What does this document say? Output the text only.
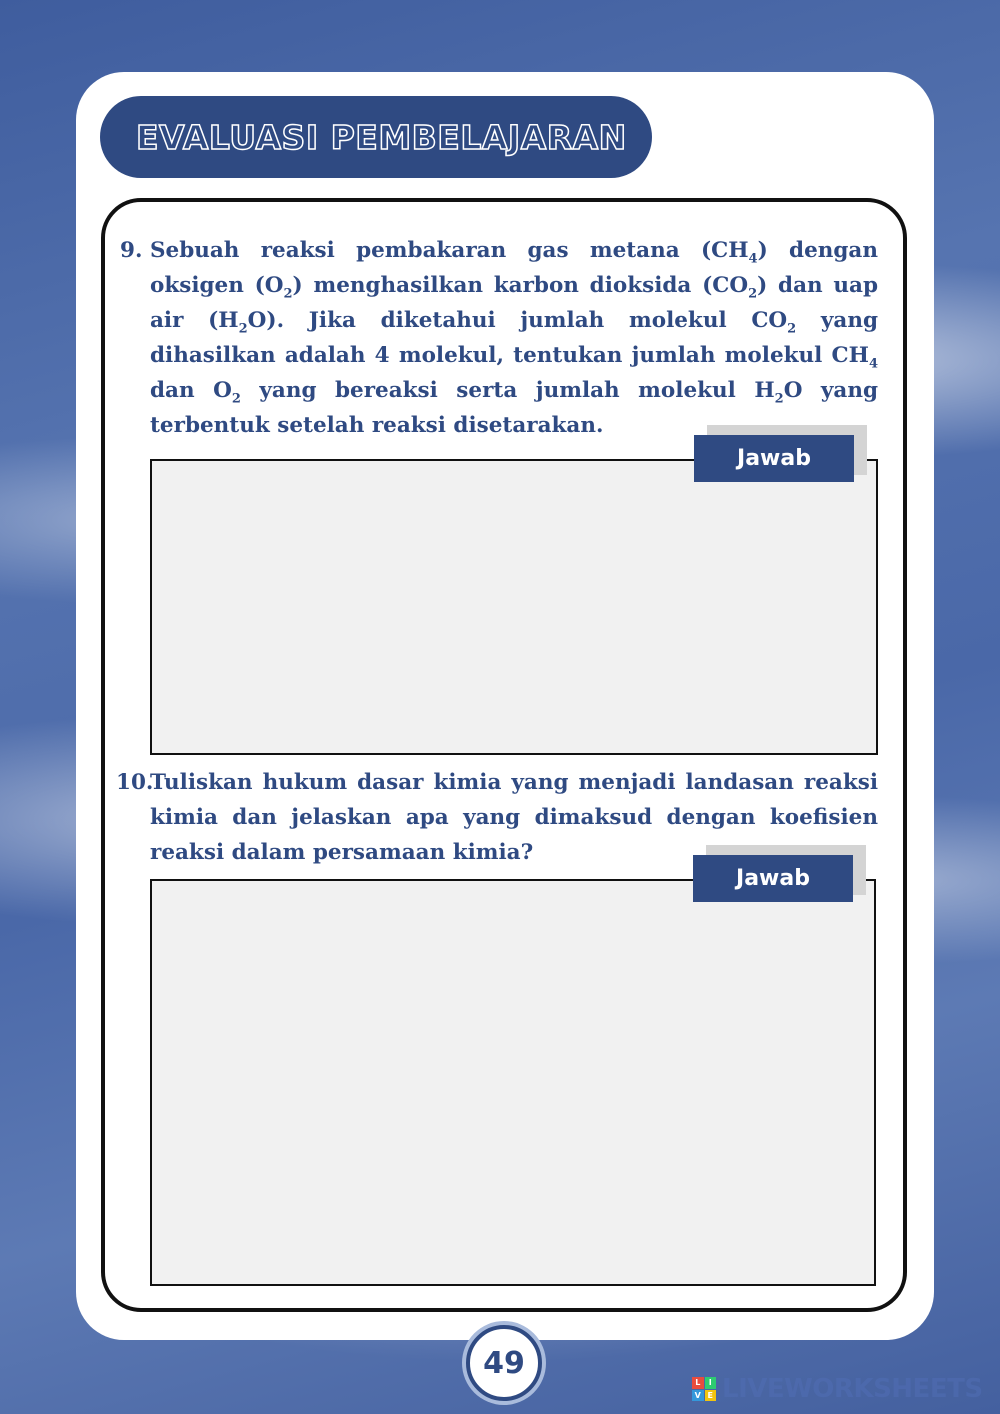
EVALUASI PEMBELAJARAN
9. Sebuah reaksi pembakaran gas metana $(CH_4)$ dengan oksigen $(O_2)$ menghasilkan karbon dioksida $(CO_2)$ dan uap air $(H_2O)$. Jika diketahui jumlah molekul $CO_2$ yang dihasilkan adalah 4 molekul, tentukan jumlah molekul $CH_4$ dan $O_2$ yang bereaksi serta jumlah molekul $H_2O$ yang terbentuk setelah reaksi disetarakan.
Jawab
10.
Tuliskan hukum dasar kimia yang menjadi landasan reaksi kimia dan jelaskan apa yang dimaksud dengan koefisien reaksi dalam persamaan kimia?
Jawab
49
L	I
V E LIVEWORKSHEETS
